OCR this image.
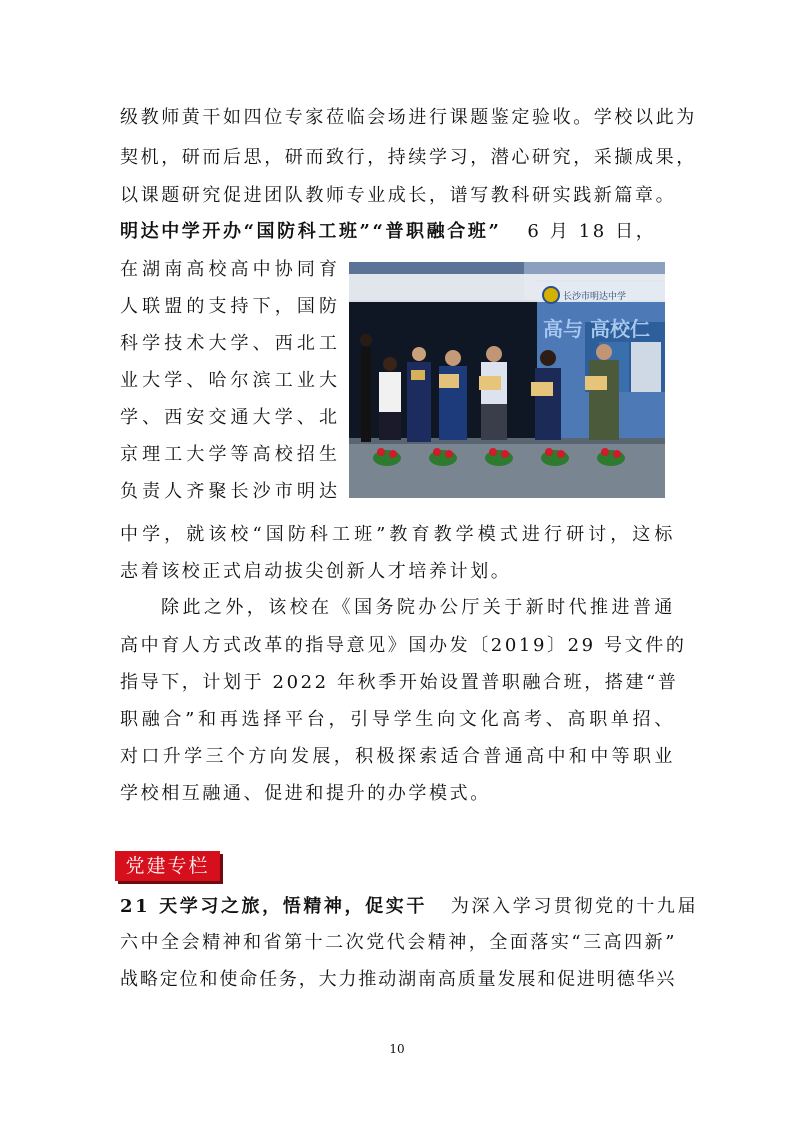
级教师黄干如四位专家莅临会场进行课题鉴定验收。学校以此为
契机，研而后思，研而致行，持续学习，潜心研究，采撷成果，
以课题研究促进团队教师专业成长，谱写教科研实践新篇章。
明达中学开办“国防科工班”“普职融合班” 6 月 18 日，
在湖南高校高中协同育
人联盟的支持下，国防
科学技术大学、西北工
业大学、哈尔滨工业大
学、西安交通大学、北
京理工大学等高校招生
负责人齐聚长沙市明达
长沙市明达中学
高与 高校仁
中学，就该校“国防科工班”教育教学模式进行研讨，这标
志着该校正式启动拔尖创新人才培养计划。
除此之外，该校在《国务院办公厅关于新时代推进普通
高中育人方式改革的指导意见》国办发〔2019〕29 号文件的
指导下，计划于 2022 年秋季开始设置普职融合班，搭建“普
职融合”和再选择平台，引导学生向文化高考、高职单招、
对口升学三个方向发展，积极探索适合普通高中和中等职业
学校相互融通、促进和提升的办学模式。
党建专栏
21 天学习之旅，悟精神，促实干 为深入学习贯彻党的十九届
六中全会精神和省第十二次党代会精神，全面落实“三高四新”
战略定位和使命任务，大力推动湖南高质量发展和促进明德华兴
10
